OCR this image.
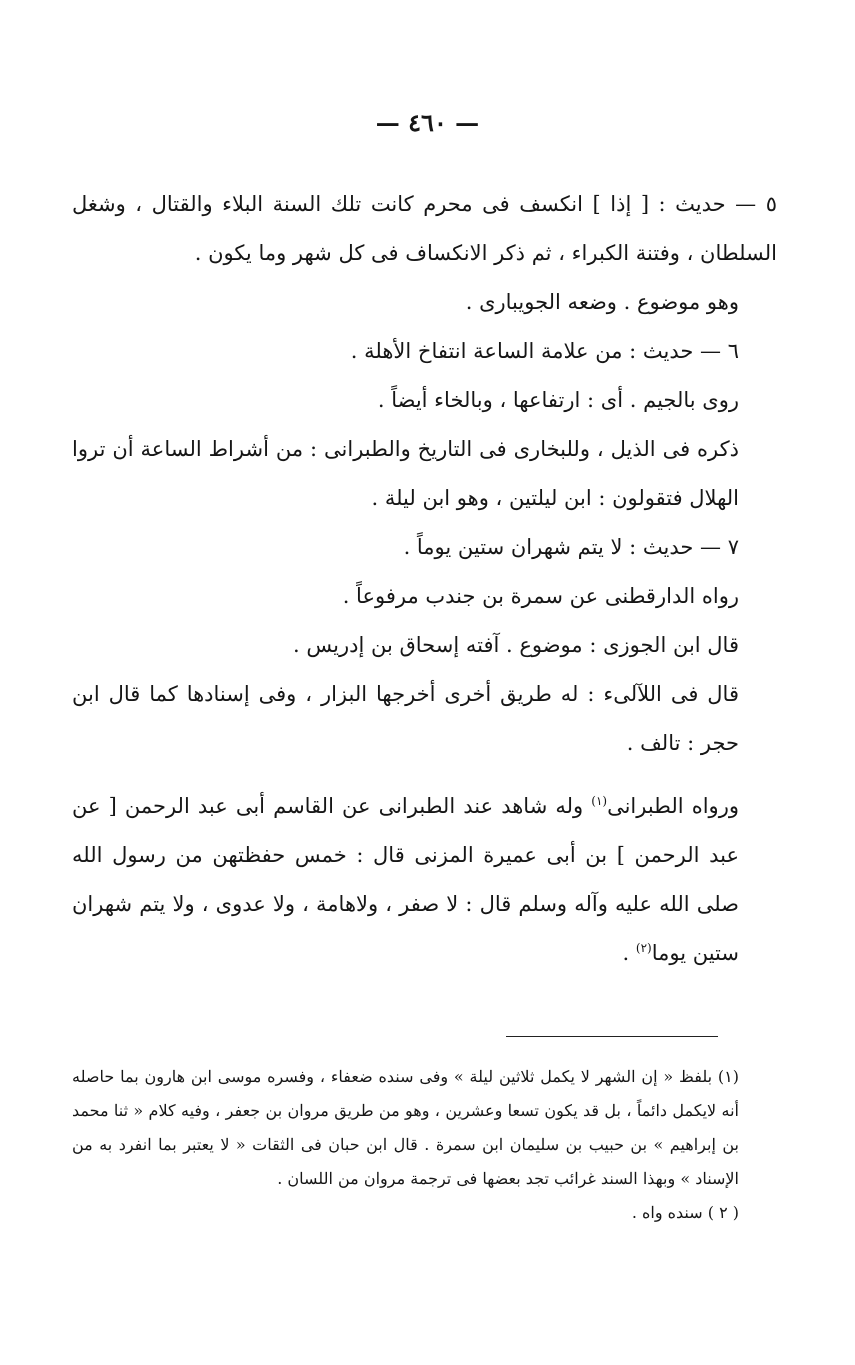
— ٤٦٠ —

٥ — حديث : [ إذا ] انكسف فى محرم كانت تلك السنة البلاء والقتال ، وشغل السلطان ، وفتنة الكبراء ، ثم ذكر الانكساف فى كل شهر وما يكون .

وهو موضوع . وضعه الجويبارى .

٦ — حديث : من علامة الساعة انتفاخ الأهلة .

روى بالجيم . أى : ارتفاعها ، وبالخاء أيضاً .

ذكره فى الذيل ، وللبخارى فى التاريخ والطبرانى : من أشراط الساعة أن تروا الهلال فتقولون : ابن ليلتين ، وهو ابن ليلة .

٧ — حديث : لا يتم شهران ستين يوماً .

رواه الدارقطنى عن سمرة بن جندب مرفوعاً .

قال ابن الجوزى : موضوع . آفته إسحاق بن إدريس .

قال فى اللآلىء : له طريق أخرى أخرجها البزار ، وفى إسنادها كما قال ابن حجر : تالف .

ورواه الطبرانى$^{(١)}$ وله شاهد عند الطبرانى عن القاسم أبى عبد الرحمن [ عن عبد الرحمن ] بن أبى عميرة المزنى قال : خمس حفظتهن من رسول الله صلى الله عليه وآله وسلم قال : لا صفر ، ولاهامة ، ولا عدوى ، ولا يتم شهران ستين يوما$^{(٢)}$ .

(١) بلفظ « إن الشهر لا يكمل ثلاثين ليلة » وفى سنده ضعفاء ، وفسره موسى ابن هارون بما حاصله أنه لايكمل دائماً ، بل قد يكون تسعا وعشرين ، وهو من طريق مروان بن جعفر ، وفيه كلام « ثنا محمد بن إبراهيم » بن حبيب بن سليمان ابن سمرة . قال ابن حبان فى الثقات « لا يعتبر بما انفرد به من الإسناد » وبهذا السند غرائب تجد بعضها فى ترجمة مروان من اللسان .

( ٢ ) سنده واه .
